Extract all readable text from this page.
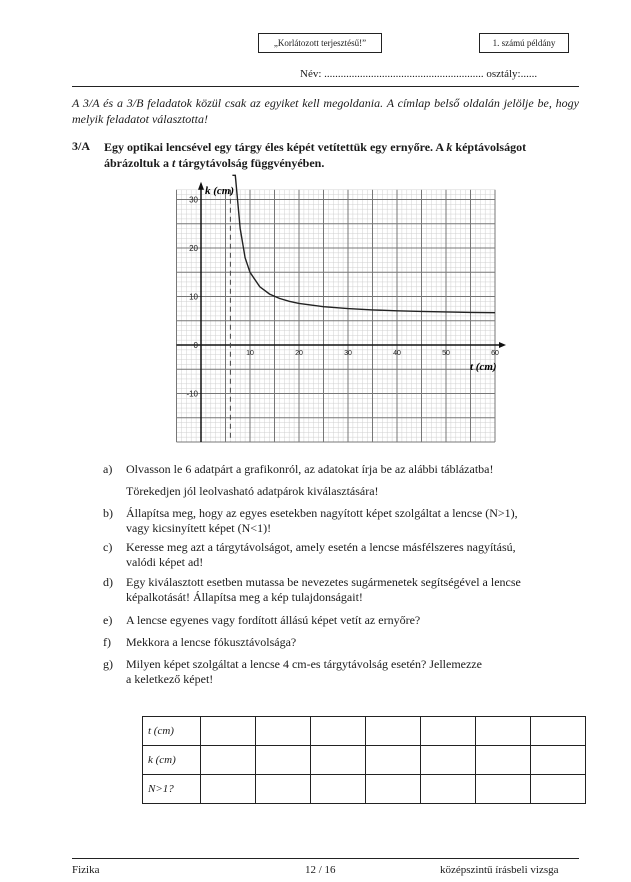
„Korlátozott terjesztésű!”	1. számú példány
Név: .......................................................... osztály:......
A 3/A és a 3/B feladatok közül csak az egyiket kell megoldania. A címlap belső oldalán jelölje be, hogy melyik feladatot választotta!
3/A Egy optikai lencsével egy tárgy éles képét vetítettük egy ernyőre. A k képtávolságot ábrázoltuk a t tárgytávolság függvényében.
10	20	30	40	50	60
-10
0
10
20
30
k (cm)
t (cm)
a) Olvasson le 6 adatpárt a grafikonról, az adatokat írja be az alábbi táblázatba!
Törekedjen jól leolvasható adatpárok kiválasztására!
b) Állapítsa meg, hogy az egyes esetekben nagyított képet szolgáltat a lencse (N>1),
vagy kicsinyített képet (N<1)!
c) Keresse meg azt a tárgytávolságot, amely esetén a lencse másfélszeres nagyítású,
valódi képet ad!
d) Egy kiválasztott esetben mutassa be nevezetes sugármenetek segítségével a lencse
képalkotását! Állapítsa meg a kép tulajdonságait!
e) A lencse egyenes vagy fordított állású képet vetít az ernyőre?
f) Mekkora a lencse fókusztávolsága?
g) Milyen képet szolgáltat a lencse 4 cm-es tárgytávolság esetén? Jellemezze
a keletkező képet!
t (cm)							
k (cm)							
N>1?							
Fizika	12 / 16	középszintű írásbeli vizsga
